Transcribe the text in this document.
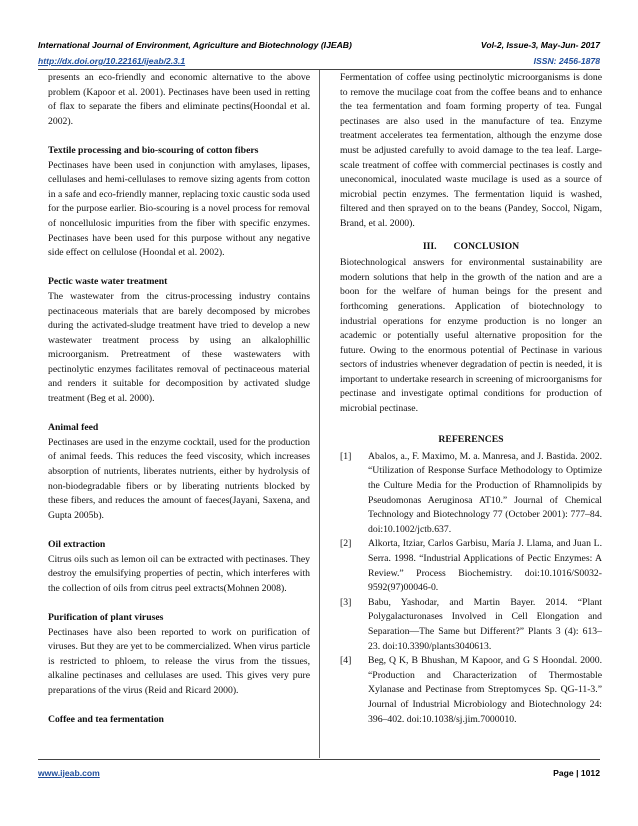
International Journal of Environment, Agriculture and Biotechnology (IJEAB)	Vol-2, Issue-3, May-Jun- 2017
http://dx.doi.org/10.22161/ijeab/2.3.1	ISSN: 2456-1878

presents an eco-friendly and economic alternative to the above problem (Kapoor et al. 2001). Pectinases have been used in retting of flax to separate the fibers and eliminate pectins(Hoondal et al. 2002).

Textile processing and bio-scouring of cotton fibers

Pectinases have been used in conjunction with amylases, lipases, cellulases and hemi-cellulases to remove sizing agents from cotton in a safe and eco-friendly manner, replacing toxic caustic soda used for the purpose earlier. Bio-scouring is a novel process for removal of noncellulosic impurities from the fiber with specific enzymes. Pectinases have been used for this purpose without any negative side effect on cellulose (Hoondal et al. 2002).

Pectic waste water treatment

The wastewater from the citrus-processing industry contains pectinaceous materials that are barely decomposed by microbes during the activated-sludge treatment have tried to develop a new wastewater treatment process by using an alkalophillic microorganism. Pretreatment of these wastewaters with pectinolytic enzymes facilitates removal of pectinaceous material and renders it suitable for decomposition by activated sludge treatment (Beg et al. 2000).

Animal feed

Pectinases are used in the enzyme cocktail, used for the production of animal feeds. This reduces the feed viscosity, which increases absorption of nutrients, liberates nutrients, either by hydrolysis of non-biodegradable fibers or by liberating nutrients blocked by these fibers, and reduces the amount of faeces(Jayani, Saxena, and Gupta 2005b).

Oil extraction

Citrus oils such as lemon oil can be extracted with pectinases. They destroy the emulsifying properties of pectin, which interferes with the collection of oils from citrus peel extracts(Mohnen 2008).

Purification of plant viruses

Pectinases have also been reported to work on purification of viruses. But they are yet to be commercialized. When virus particle is restricted to phloem, to release the virus from the tissues, alkaline pectinases and cellulases are used. This gives very pure preparations of the virus (Reid and Ricard 2000).

Coffee and tea fermentation

Fermentation of coffee using pectinolytic microorganisms is done to remove the mucilage coat from the coffee beans and to enhance the tea fermentation and foam forming property of tea. Fungal pectinases are also used in the manufacture of tea. Enzyme treatment accelerates tea fermentation, although the enzyme dose must be adjusted carefully to avoid damage to the tea leaf. Large-scale treatment of coffee with commercial pectinases is costly and uneconomical, inoculated waste mucilage is used as a source of microbial pectin enzymes. The fermentation liquid is washed, filtered and then sprayed on to the beans (Pandey, Soccol, Nigam, Brand, et al. 2000).

III. CONCLUSION

Biotechnological answers for environmental sustainability are modern solutions that help in the growth of the nation and are a boon for the welfare of human beings for the present and forthcoming generations. Application of biotechnology to industrial operations for enzyme production is no longer an academic or potentially useful alternative proposition for the future. Owing to the enormous potential of Pectinase in various sectors of industries whenever degradation of pectin is needed, it is important to undertake research in screening of microorganisms for pectinase and investigate optimal conditions for production of microbial pectinase.

REFERENCES
[1] Abalos, a., F. Maximo, M. a. Manresa, and J. Bastida. 2002. “Utilization of Response Surface Methodology to Optimize the Culture Media for the Production of Rhamnolipids by Pseudomonas Aeruginosa AT10.” Journal of Chemical Technology and Biotechnology 77 (October 2001): 777–84. doi:10.1002/jctb.637.
[2] Alkorta, Itziar, Carlos Garbisu, María J. Llama, and Juan L. Serra. 1998. “Industrial Applications of Pectic Enzymes: A Review.” Process Biochemistry. doi:10.1016/S0032-9592(97)00046-0.
[3] Babu, Yashodar, and Martin Bayer. 2014. “Plant Polygalacturonases Involved in Cell Elongation and Separation—The Same but Different?” Plants 3 (4): 613–23. doi:10.3390/plants3040613.
[4] Beg, Q K, B Bhushan, M Kapoor, and G S Hoondal. 2000. “Production and Characterization of Thermostable Xylanase and Pectinase from Streptomyces Sp. QG-11-3.” Journal of Industrial Microbiology and Biotechnology 24: 396–402. doi:10.1038/sj.jim.7000010.
www.ijeab.com	Page | 1012
